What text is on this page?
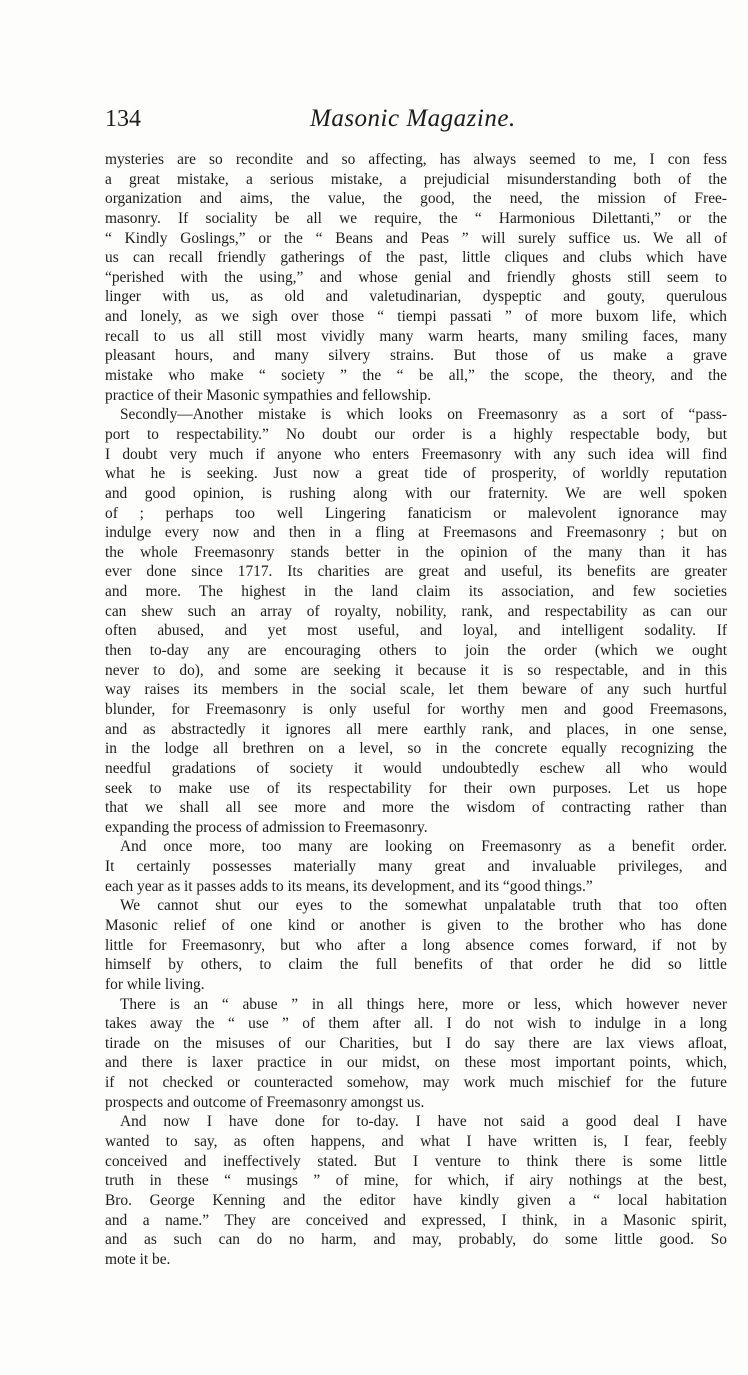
134	Masonic Magazine.
mysteries are so recondite and so affecting, has always seemed to me, I con fess
a great mistake, a serious mistake, a prejudicial misunderstanding both of the
organization and aims, the value, the good, the need, the mission of Free-
masonry. If sociality be all we require, the “ Harmonious Dilettanti,” or the
“ Kindly Goslings,” or the “ Beans and Peas ” will surely suffice us. We all of
us can recall friendly gatherings of the past, little cliques and clubs which have
“perished with the using,” and whose genial and friendly ghosts still seem to
linger with us, as old and valetudinarian, dyspeptic and gouty, querulous
and lonely, as we sigh over those “ tiempi passati ” of more buxom life, which
recall to us all still most vividly many warm hearts, many smiling faces, many
pleasant hours, and many silvery strains. But those of us make a grave
mistake who make “ society ” the “ be all,” the scope, the theory, and the
practice of their Masonic sympathies and fellowship.
Secondly—Another mistake is which looks on Freemasonry as a sort of “pass-
port to respectability.” No doubt our order is a highly respectable body, but
I doubt very much if anyone who enters Freemasonry with any such idea will find
what he is seeking. Just now a great tide of prosperity, of worldly reputation
and good opinion, is rushing along with our fraternity. We are well spoken
of ; perhaps too well Lingering fanaticism or malevolent ignorance may
indulge every now and then in a fling at Freemasons and Freemasonry ; but on
the whole Freemasonry stands better in the opinion of the many than it has
ever done since 1717. Its charities are great and useful, its benefits are greater
and more. The highest in the land claim its association, and few societies
can shew such an array of royalty, nobility, rank, and respectability as can our
often abused, and yet most useful, and loyal, and intelligent sodality. If
then to-day any are encouraging others to join the order (which we ought
never to do), and some are seeking it because it is so respectable, and in this
way raises its members in the social scale, let them beware of any such hurtful
blunder, for Freemasonry is only useful for worthy men and good Freemasons,
and as abstractedly it ignores all mere earthly rank, and places, in one sense,
in the lodge all brethren on a level, so in the concrete equally recognizing the
needful gradations of society it would undoubtedly eschew all who would
seek to make use of its respectability for their own purposes. Let us hope
that we shall all see more and more the wisdom of contracting rather than
expanding the process of admission to Freemasonry.
And once more, too many are looking on Freemasonry as a benefit order.
It certainly possesses materially many great and invaluable privileges, and
each year as it passes adds to its means, its development, and its “good things.”
We cannot shut our eyes to the somewhat unpalatable truth that too often
Masonic relief of one kind or another is given to the brother who has done
little for Freemasonry, but who after a long absence comes forward, if not by
himself by others, to claim the full benefits of that order he did so little
for while living.
There is an “ abuse ” in all things here, more or less, which however never
takes away the “ use ” of them after all. I do not wish to indulge in a long
tirade on the misuses of our Charities, but I do say there are lax views afloat,
and there is laxer practice in our midst, on these most important points, which,
if not checked or counteracted somehow, may work much mischief for the future
prospects and outcome of Freemasonry amongst us.
And now I have done for to-day. I have not said a good deal I have
wanted to say, as often happens, and what I have written is, I fear, feebly
conceived and ineffectively stated. But I venture to think there is some little
truth in these “ musings ” of mine, for which, if airy nothings at the best,
Bro. George Kenning and the editor have kindly given a “ local habitation
and a name.” They are conceived and expressed, I think, in a Masonic spirit,
and as such can do no harm, and may, probably, do some little good. So
mote it be.
